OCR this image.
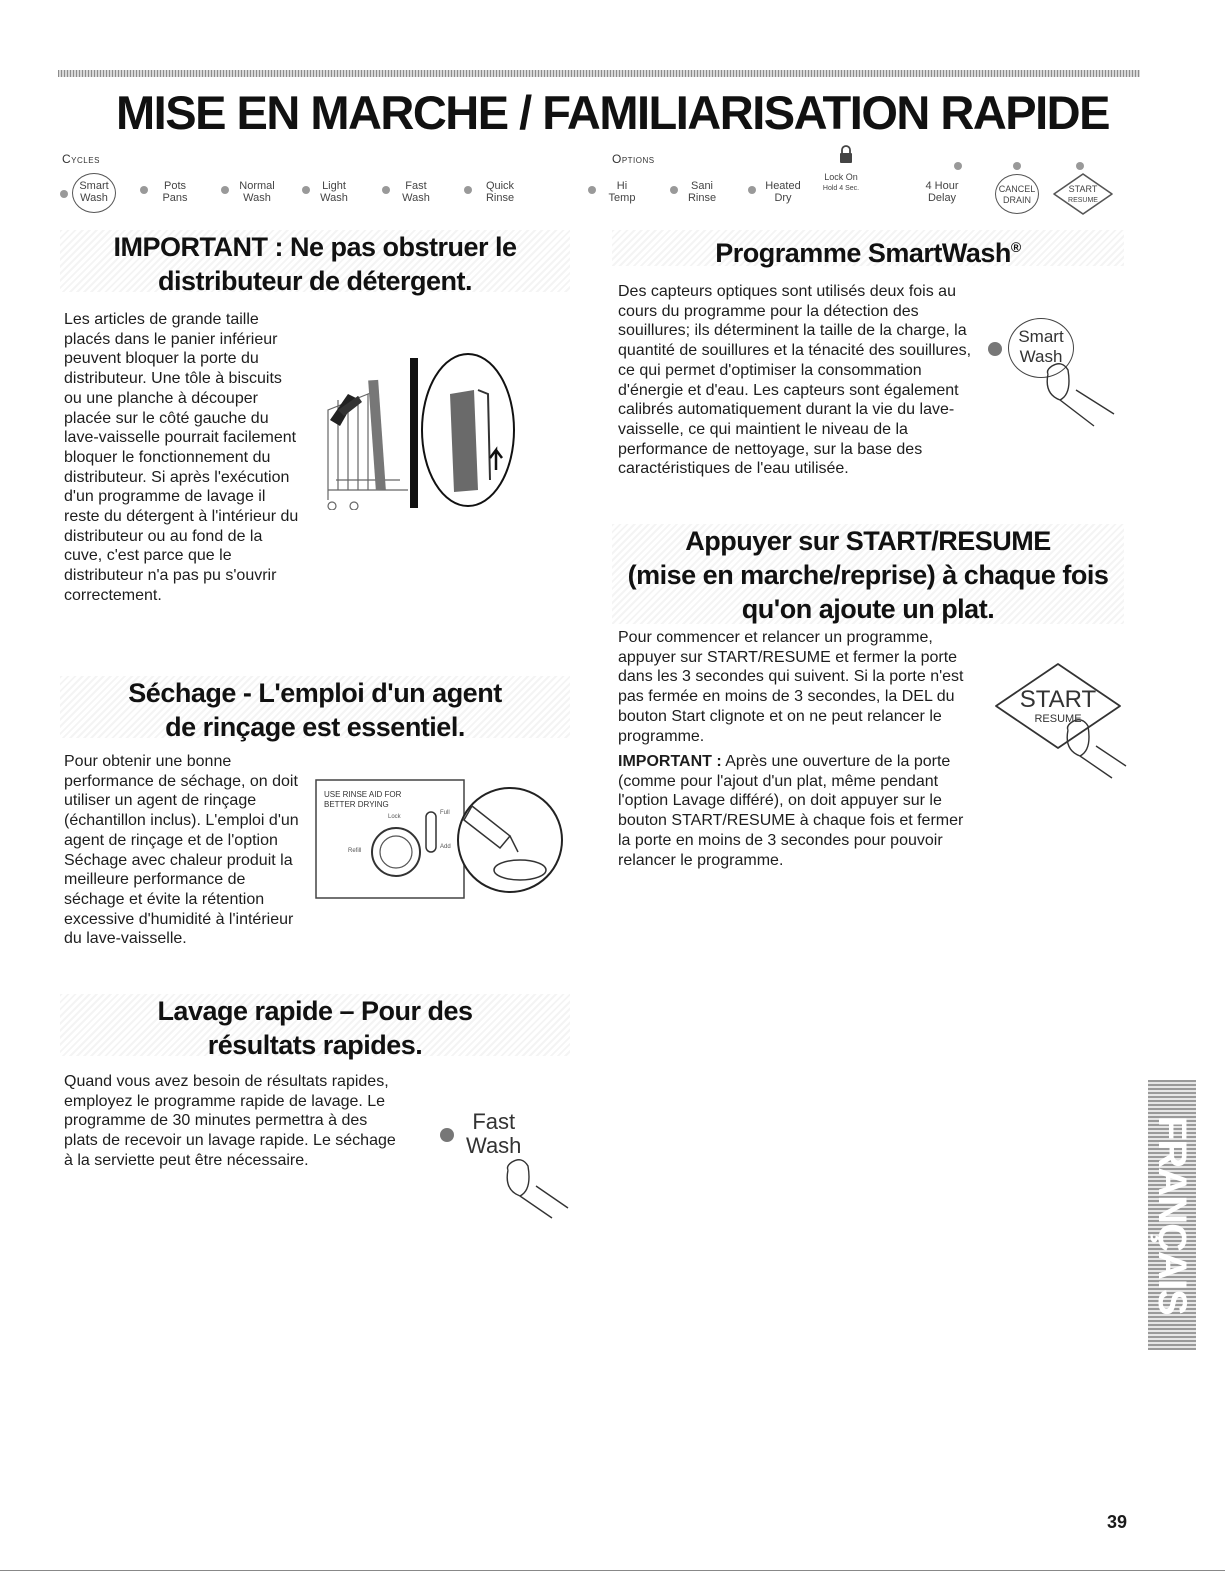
MISE EN MARCHE / FAMILIARISATION RAPIDE
Cycles	Options
Smart
Wash
Pots
Pans
Normal
Wash
Light
Wash
Fast
Wash
Quick
Rinse
Hi
Temp
Sani
Rinse
Heated
Dry
Lock On
Hold 4 Sec.	4 Hour
Delay
CANCEL
DRAIN
START
RESUME
IMPORTANT : Ne pas obstruer le
distributeur de détergent.
Les articles de grande taille placés dans le panier inférieur peuvent bloquer la porte du distributeur. Une tôle à biscuits ou une planche à découper placée sur le côté gauche du lave-vaisselle pourrait facilement bloquer le fonctionnement du distributeur. Si après l'exécution d'un programme de lavage il reste du détergent à l'intérieur du distributeur ou au fond de la cuve, c'est parce que le distributeur n'a pas pu s'ouvrir correctement.
Séchage - L'emploi d'un agent
de rinçage est essentiel.
Pour obtenir une bonne performance de séchage, on doit utiliser un agent de rinçage (échantillon inclus). L'emploi d'un agent de rinçage et de l'option Séchage avec chaleur produit la meilleure performance de séchage et évite la rétention excessive d'humidité à l'intérieur du lave-vaisselle.
USE RINSE AID FOR
BETTER DRYING
Lock
Full
Add
Refill
Lavage rapide – Pour des
résultats rapides.
Quand vous avez besoin de résultats rapides, employez le programme rapide de lavage. Le programme de 30 minutes permettra à des plats de recevoir un lavage rapide. Le séchage à la serviette peut être nécessaire.
Fast
Wash
Programme SmartWash®
Des capteurs optiques sont utilisés deux fois au cours du programme pour la détection des souillures; ils déterminent la taille de la charge, la quantité de souillures et la ténacité des souillures, ce qui permet d'optimiser la consommation d'énergie et d'eau. Les capteurs sont également calibrés automatiquement durant la vie du lave-vaisselle, ce qui maintient le niveau de la performance de nettoyage, sur la base des caractéristiques de l'eau utilisée.
Smart
Wash
Appuyer sur START/RESUME
(mise en marche/reprise) à chaque fois
qu'on ajoute un plat.
Pour commencer et relancer un programme, appuyer sur START/RESUME et fermer la porte dans les 3 secondes qui suivent. Si la porte n'est pas fermée en moins de 3 secondes, la DEL du bouton Start clignote et on ne peut relancer le programme.
IMPORTANT : Après une ouverture de la porte (comme pour l'ajout d'un plat, même pendant l'option Lavage différé), on doit appuyer sur le bouton START/RESUME à chaque fois et fermer la porte en moins de 3 secondes pour pouvoir relancer le programme.
START
RESUME
FRANÇAIS
39
